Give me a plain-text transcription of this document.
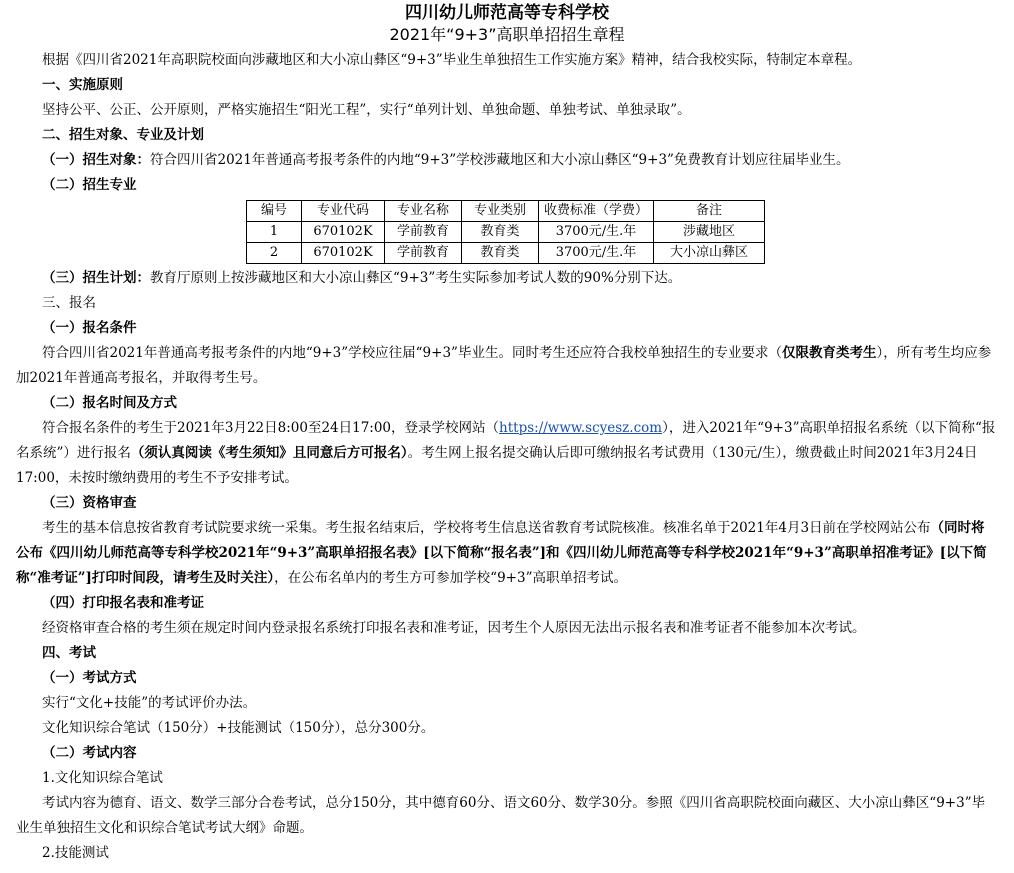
四川幼儿师范高等专科学校
2021年“9+3”高职单招招生章程

根据《四川省2021年高职院校面向涉藏地区和大小凉山彝区“9+3”毕业生单独招生工作实施方案》精神，结合我校实际，特制定本章程。

一、实施原则

坚持公平、公正、公开原则，严格实施招生“阳光工程”，实行“单列计划、单独命题、单独考试、单独录取”。

二、招生对象、专业及计划

（一）招生对象：符合四川省2021年普通高考报考条件的内地“9+3”学校涉藏地区和大小凉山彝区“9+3”免费教育计划应往届毕业生。

（二）招生专业

编号	专业代码	专业名称	专业类别	收费标准（学费）	备注
1	670102K	学前教育	教育类	3700元/生.年	涉藏地区
2	670102K	学前教育	教育类	3700元/生.年	大小凉山彝区

（三）招生计划：教育厅原则上按涉藏地区和大小凉山彝区“9+3”考生实际参加考试人数的90%分别下达。

三、报名

（一）报名条件

符合四川省2021年普通高考报考条件的内地“9+3”学校应往届“9+3”毕业生。同时考生还应符合我校单独招生的专业要求（仅限教育类考生），所有考生均应参加2021年普通高考报名，并取得考生号。

（二）报名时间及方式

符合报名条件的考生于2021年3月22日8:00至24日17:00，登录学校网站（https://www.scyesz.com），进入2021年“9+3”高职单招报名系统（以下简称“报名系统”）进行报名（须认真阅读《考生须知》且同意后方可报名）。考生网上报名提交确认后即可缴纳报名考试费用（130元/生），缴费截止时间2021年3月24日17:00，未按时缴纳费用的考生不予安排考试。

（三）资格审查

考生的基本信息按省教育考试院要求统一采集。考生报名结束后，学校将考生信息送省教育考试院核准。核准名单于2021年4月3日前在学校网站公布（同时将公布《四川幼儿师范高等专科学校2021年“9+3”高职单招报名表》[以下简称“报名表”]和《四川幼儿师范高等专科学校2021年“9+3”高职单招准考证》[以下简称“准考证”]打印时间段，请考生及时关注），在公布名单内的考生方可参加学校“9+3”高职单招考试。

（四）打印报名表和准考证

经资格审查合格的考生须在规定时间内登录报名系统打印报名表和准考证，因考生个人原因无法出示报名表和准考证者不能参加本次考试。

四、考试

（一）考试方式

实行“文化+技能”的考试评价办法。

文化知识综合笔试（150分）+技能测试（150分），总分300分。

（二）考试内容

1.文化知识综合笔试

考试内容为德育、语文、数学三部分合卷考试，总分150分，其中德育60分、语文60分、数学30分。参照《四川省高职院校面向藏区、大小凉山彝区“9+3”毕业生单独招生文化和识综合笔试考试大纲》命题。

2.技能测试
